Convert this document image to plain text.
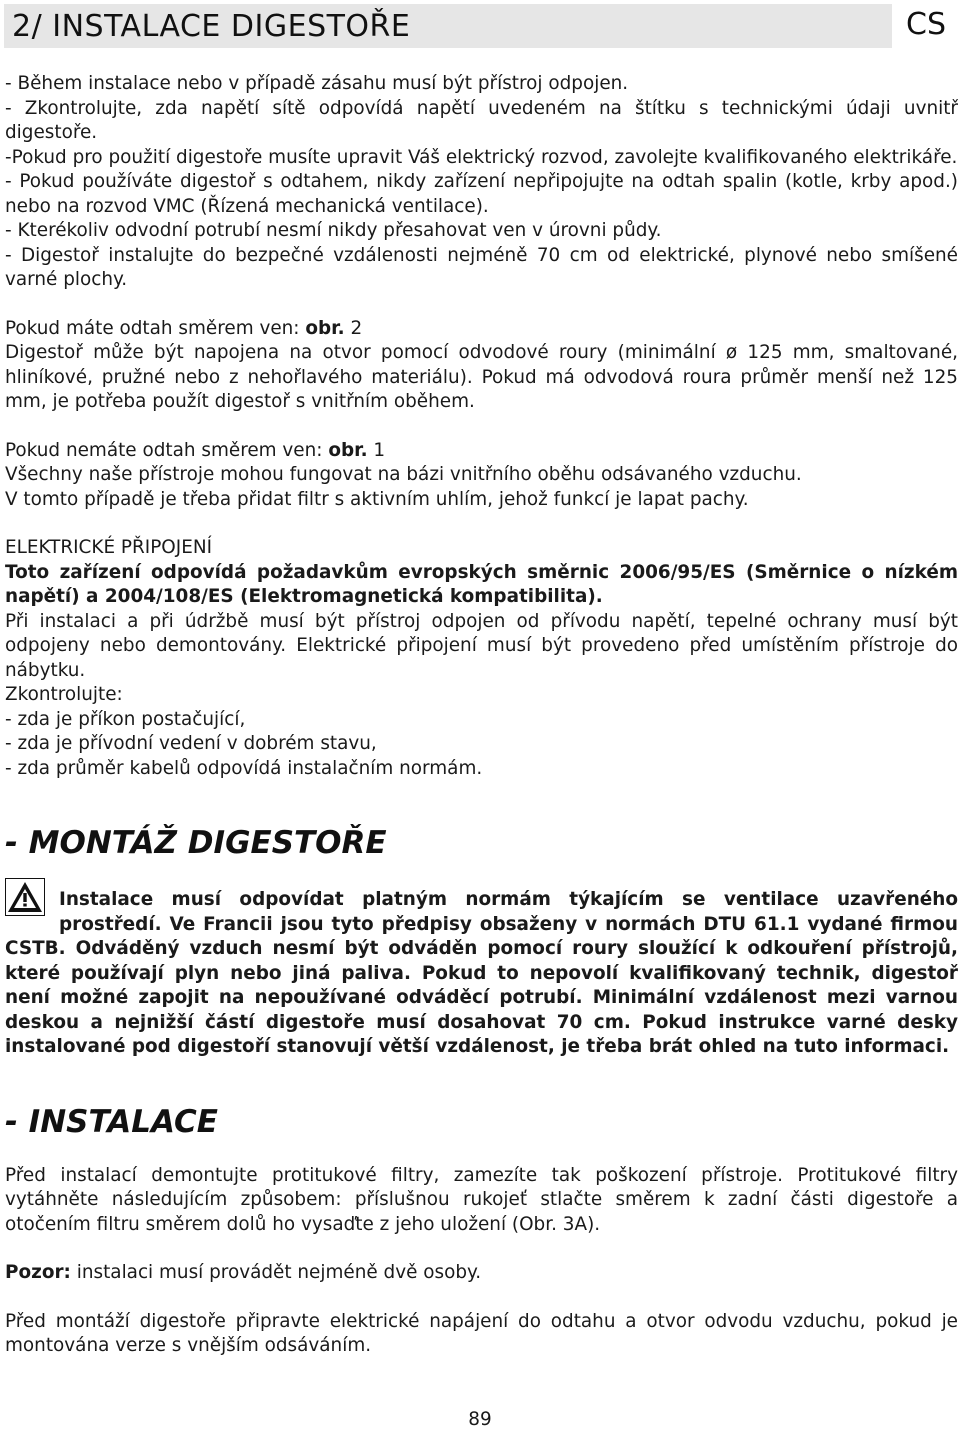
2/ INSTALACE DIGESTOŘE	CS

- Během instalace nebo v případě zásahu musí být přístroj odpojen.

- Zkontrolujte, zda napětí sítě odpovídá napětí uvedeném na štítku s technickými údaji uvnitř digestoře.

-Pokud pro použití digestoře musíte upravit Váš elektrický rozvod, zavolejte kvalifikovaného elektrikáře.

- Pokud používáte digestoř s odtahem, nikdy zařízení nepřipojujte na odtah spalin (kotle, krby apod.) nebo na rozvod VMC (Řízená mechanická ventilace).

- Kterékoliv odvodní potrubí nesmí nikdy přesahovat ven v úrovni půdy.

- Digestoř instalujte do bezpečné vzdálenosti nejméně 70 cm od elektrické, plynové nebo smíšené varné plochy.

Pokud máte odtah směrem ven: obr. 2

Digestoř může být napojena na otvor pomocí odvodové roury (minimální ø 125 mm, smaltované, hliníkové, pružné nebo z nehořlavého materiálu). Pokud má odvodová roura průměr menší než 125 mm, je potřeba použít digestoř s vnitřním oběhem.

Pokud nemáte odtah směrem ven: obr. 1

Všechny naše přístroje mohou fungovat na bázi vnitřního oběhu odsávaného vzduchu.

V tomto případě je třeba přidat filtr s aktivním uhlím, jehož funkcí je lapat pachy.

ELEKTRICKÉ PŘIPOJENÍ

Toto zařízení odpovídá požadavkům evropských směrnic 2006/95/ES (Směrnice o nízkém napětí) a 2004/108/ES (Elektromagnetická kompatibilita).

Při instalaci a při údržbě musí být přístroj odpojen od přívodu napětí, tepelné ochrany musí být odpojeny nebo demontovány. Elektrické připojení musí být provedeno před umístěním přístroje do nábytku.

Zkontrolujte:

- zda je příkon postačující,

- zda je přívodní vedení v dobrém stavu,

- zda průměr kabelů odpovídá instalačním normám.

- MONTÁŽ DIGESTOŘE

Instalace musí odpovídat platným normám týkajícím se ventilace uzavřeného prostředí. Ve Francii jsou tyto předpisy obsaženy v normách DTU 61.1 vydané firmou CSTB. Odváděný vzduch nesmí být odváděn pomocí roury sloužící k odkouření přístrojů, které používají plyn nebo jiná paliva. Pokud to nepovolí kvalifikovaný technik, digestoř není možné zapojit na nepoužívané odváděcí potrubí. Minimální vzdálenost mezi varnou deskou a nejnižší částí digestoře musí dosahovat 70 cm. Pokud instrukce varné desky instalované pod digestoří stanovují větší vzdálenost, je třeba brát ohled na tuto informaci.

- INSTALACE

Před instalací demontujte protitukové filtry, zamezíte tak poškození přístroje. Protitukové filtry vytáhněte následujícím způsobem: příslušnou rukojeť stlačte směrem k zadní části digestoře a otočením filtru směrem dolů ho vysaďte z jeho uložení (Obr. 3A).

Pozor: instalaci musí provádět nejméně dvě osoby.

Před montáží digestoře připravte elektrické napájení do odtahu a otvor odvodu vzduchu, pokud je montována verze s vnějším odsáváním.

89
